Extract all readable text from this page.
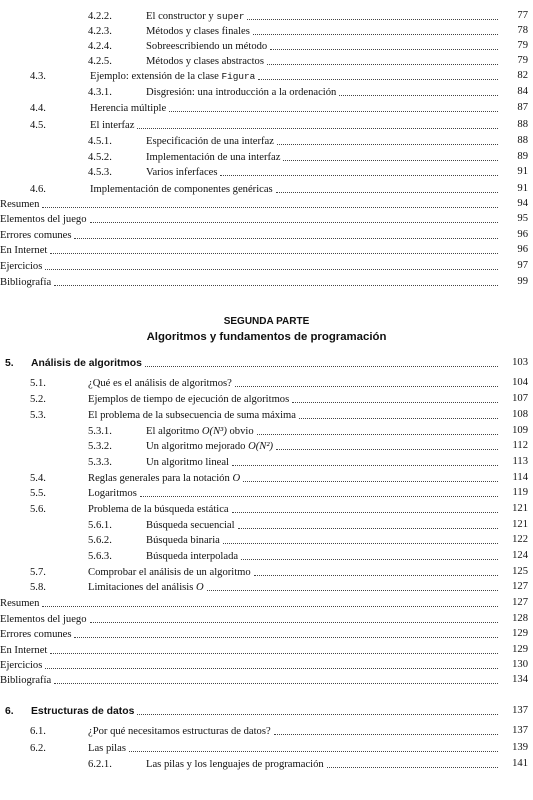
4.2.2.	El constructor y super	77
4.2.3.	Métodos y clases finales	78
4.2.4.	Sobreescribiendo un método	79
4.2.5.	Métodos y clases abstractos	79
4.3.	Ejemplo: extensión de la clase Figura	82
4.3.1.	Disgresión: una introducción a la ordenación	84
4.4.	Herencia múltiple	87
4.5.	El interfaz	88
4.5.1.	Especificación de una interfaz	88
4.5.2.	Implementación de una interfaz	89
4.5.3.	Varios inferfaces	91
4.6.	Implementación de componentes genéricas	91
Resumen	94
Elementos del juego	95
Errores comunes	96
En Internet	96
Ejercicios	97
Bibliografía	99
5.	Análisis de algoritmos	103
5.1.	¿Qué es el análisis de algoritmos?	104
5.2.	Ejemplos de tiempo de ejecución de algoritmos	107
5.3.	El problema de la subsecuencia de suma máxima	108
5.3.1.	El algoritmo O(N³) obvio	109
5.3.2.	Un algoritmo mejorado O(N²)	112
5.3.3.	Un algoritmo lineal	113
5.4.	Reglas generales para la notación O	114
5.5.	Logaritmos	119
5.6.	Problema de la búsqueda estática	121
5.6.1.	Búsqueda secuencial	121
5.6.2.	Búsqueda binaria	122
5.6.3.	Búsqueda interpolada	124
5.7.	Comprobar el análisis de un algoritmo	125
5.8.	Limitaciones del análisis O	127
Resumen	127
Elementos del juego	128
Errores comunes	129
En Internet	129
Ejercicios	130
Bibliografía	134
6.	Estructuras de datos	137
6.1.	¿Por qué necesitamos estructuras de datos?	137
6.2.	Las pilas	139
6.2.1.	Las pilas y los lenguajes de programación	141
SEGUNDA PARTE
Algoritmos y fundamentos de programación
